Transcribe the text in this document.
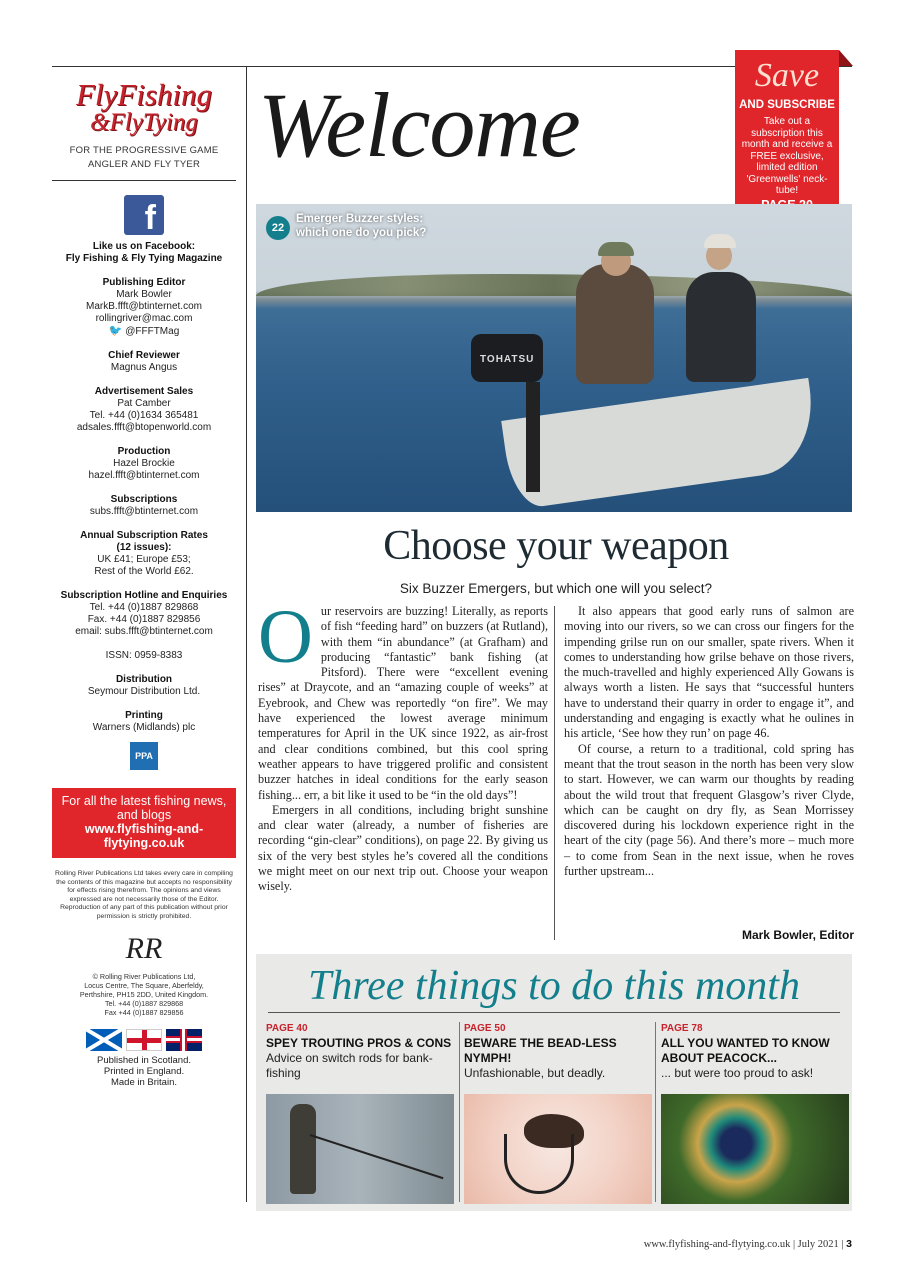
FlyFishing
&FlyTying
FOR THE PROGRESSIVE GAME ANGLER AND FLY TYER
f
Like us on Facebook:
Fly Fishing & Fly Tying Magazine
Publishing Editor
Mark Bowler
MarkB.ffft@btinternet.com
rollingriver@mac.com
🐦 @FFFTMag
Chief Reviewer
Magnus Angus
Advertisement Sales
Pat Camber
Tel. +44 (0)1634 365481
adsales.ffft@btopenworld.com
Production
Hazel Brockie
hazel.ffft@btinternet.com
Subscriptions
subs.ffft@btinternet.com
Annual Subscription Rates
(12 issues):
UK £41; Europe £53;
Rest of the World £62.
Subscription Hotline and Enquiries
Tel. +44 (0)1887 829868
Fax. +44 (0)1887 829856
email: subs.ffft@btinternet.com
ISSN: 0959-8383
Distribution
Seymour Distribution Ltd.
Printing
Warners (Midlands) plc
PPA
For all the latest fishing news, and blogs
www.flyfishing-and-flytying.co.uk
Rolling River Publications Ltd takes every care in compiling the contents of this magazine but accepts no responsibility for effects rising therefrom. The opinions and views expressed are not necessarily those of the Editor. Reproduction of any part of this publication without prior permission is strictly prohibited.
RR
© Rolling River Publications Ltd,
Locus Centre, The Square, Aberfeldy,
Perthshire, PH15 2DD, United Kingdom.
Tel. +44 (0)1887 829868
Fax +44 (0)1887 829856
Published in Scotland.
Printed in England.
Made in Britain.
Welcome	Save
AND SUBSCRIBE
Take out a subscription this month and receive a FREE exclusive, limited edition 'Greenwells' neck-tube!
TOHATSU
22
Emerger Buzzer styles:
which one do you pick?
Choose your weapon
Six Buzzer Emergers, but which one will you select?

Our reservoirs are buzzing! Literally, as reports of fish “feeding hard” on buzzers (at Rutland), with them “in abundance” (at Grafham) and producing “fantastic” bank fishing (at Pitsford). There were “excellent evening rises” at Draycote, and an “amazing couple of weeks” at Eyebrook, and Chew was reportedly “on fire”. We may have experienced the lowest average minimum temperatures for April in the UK since 1922, as air-frost and clear conditions combined, but this cool spring weather appears to have triggered prolific and consistent buzzer hatches in ideal conditions for the early season fishing... err, a bit like it used to be “in the old days”!

Emergers in all conditions, including bright sunshine and clear water (already, a number of fisheries are recording “gin-clear” conditions), on page 22. By giving us six of the very best styles he’s covered all the conditions we might meet on our next trip out. Choose your weapon wisely.

It also appears that good early runs of salmon are moving into our rivers, so we can cross our fingers for the impending grilse run on our smaller, spate rivers. When it comes to understanding how grilse behave on those rivers, the much-travelled and highly experienced Ally Gowans is always worth a listen. He says that “successful hunters have to understand their quarry in order to engage it”, and understanding and engaging is exactly what he oulines in his article, ‘See how they run’ on page 46.

Of course, a return to a traditional, cold spring has meant that the trout season in the north has been very slow to start. However, we can warm our thoughts by reading about the wild trout that frequent Glasgow’s river Clyde, which can be caught on dry fly, as Sean Morrissey discovered during his lockdown experience right in the heart of the city (page 56). And there’s more – much more – to come from Sean in the next issue, when he roves further upstream...

Mark Bowler, Editor
Three things to do this month
PAGE 40
SPEY TROUTING PROS & CONS
Advice on switch rods for bank-fishing
PAGE 50
BEWARE THE BEAD-LESS NYMPH!
Unfashionable, but deadly.
PAGE 78
ALL YOU WANTED TO KNOW ABOUT PEACOCK...
... but were too proud to ask!
www.flyfishing-and-flytying.co.uk | July 2021 | 3
